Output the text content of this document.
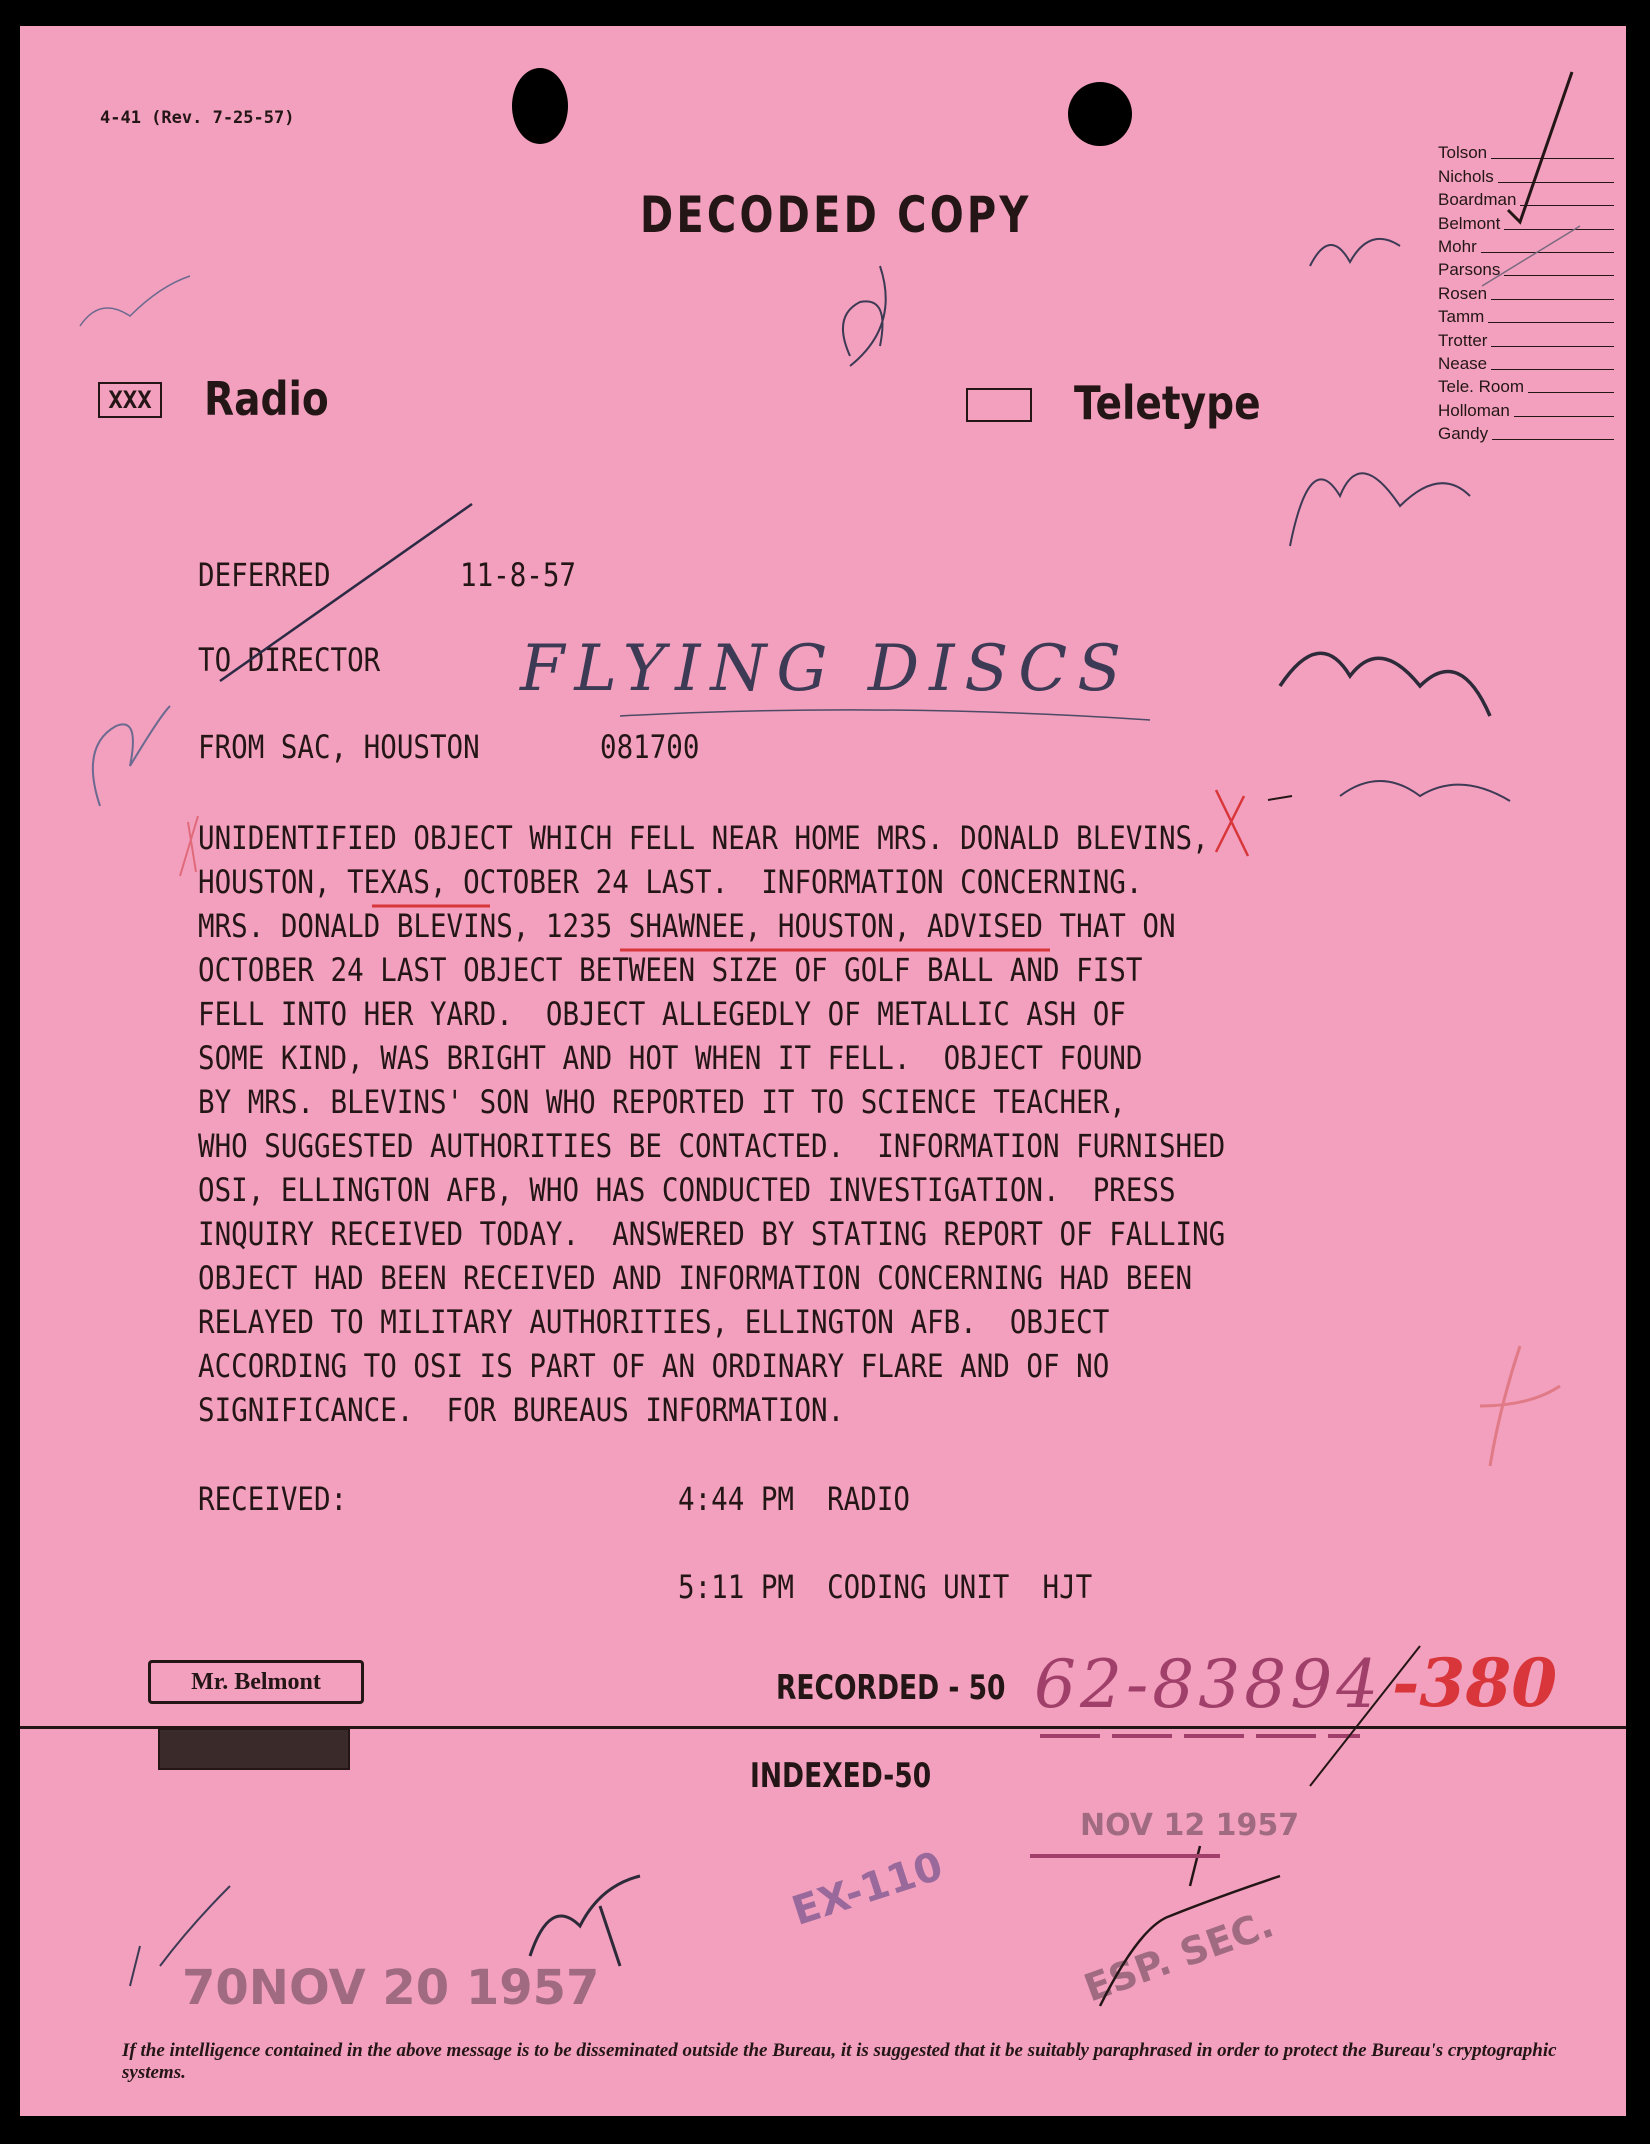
4-41 (Rev. 7-25-57)
DECODED COPY
XXX Radio	Teletype
Tolson
Nichols
Boardman
Belmont
Mohr
Parsons
Rosen
Tamm
Trotter
Nease
Tele. Room
Holloman
Gandy
DEFERRED	11-8-57
TO DIRECTOR
FROM SAC, HOUSTON	081700
FLYING DISCS
UNIDENTIFIED OBJECT WHICH FELL NEAR HOME MRS. DONALD BLEVINS,
HOUSTON, TEXAS, OCTOBER 24 LAST.  INFORMATION CONCERNING.
MRS. DONALD BLEVINS, 1235 SHAWNEE, HOUSTON, ADVISED THAT ON
OCTOBER 24 LAST OBJECT BETWEEN SIZE OF GOLF BALL AND FIST
FELL INTO HER YARD.  OBJECT ALLEGEDLY OF METALLIC ASH OF
SOME KIND, WAS BRIGHT AND HOT WHEN IT FELL.  OBJECT FOUND
BY MRS. BLEVINS' SON WHO REPORTED IT TO SCIENCE TEACHER,
WHO SUGGESTED AUTHORITIES BE CONTACTED.  INFORMATION FURNISHED
OSI, ELLINGTON AFB, WHO HAS CONDUCTED INVESTIGATION.  PRESS
INQUIRY RECEIVED TODAY.  ANSWERED BY STATING REPORT OF FALLING
OBJECT HAD BEEN RECEIVED AND INFORMATION CONCERNING HAD BEEN
RELAYED TO MILITARY AUTHORITIES, ELLINGTON AFB.  OBJECT
ACCORDING TO OSI IS PART OF AN ORDINARY FLARE AND OF NO
SIGNIFICANCE.  FOR BUREAUS INFORMATION.
RECEIVED:	4:44 PM  RADIO
5:11 PM  CODING UNIT  HJT
Mr. Belmont	RECORDED - 50
INDEXED-50
62-83894 -380
NOV 12 1957
70NOV 20 1957
EX-110
ESP. SEC.
If the intelligence contained in the above message is to be disseminated outside the Bureau, it is suggested that it be suitably paraphrased in order to protect the Bureau's cryptographic systems.
